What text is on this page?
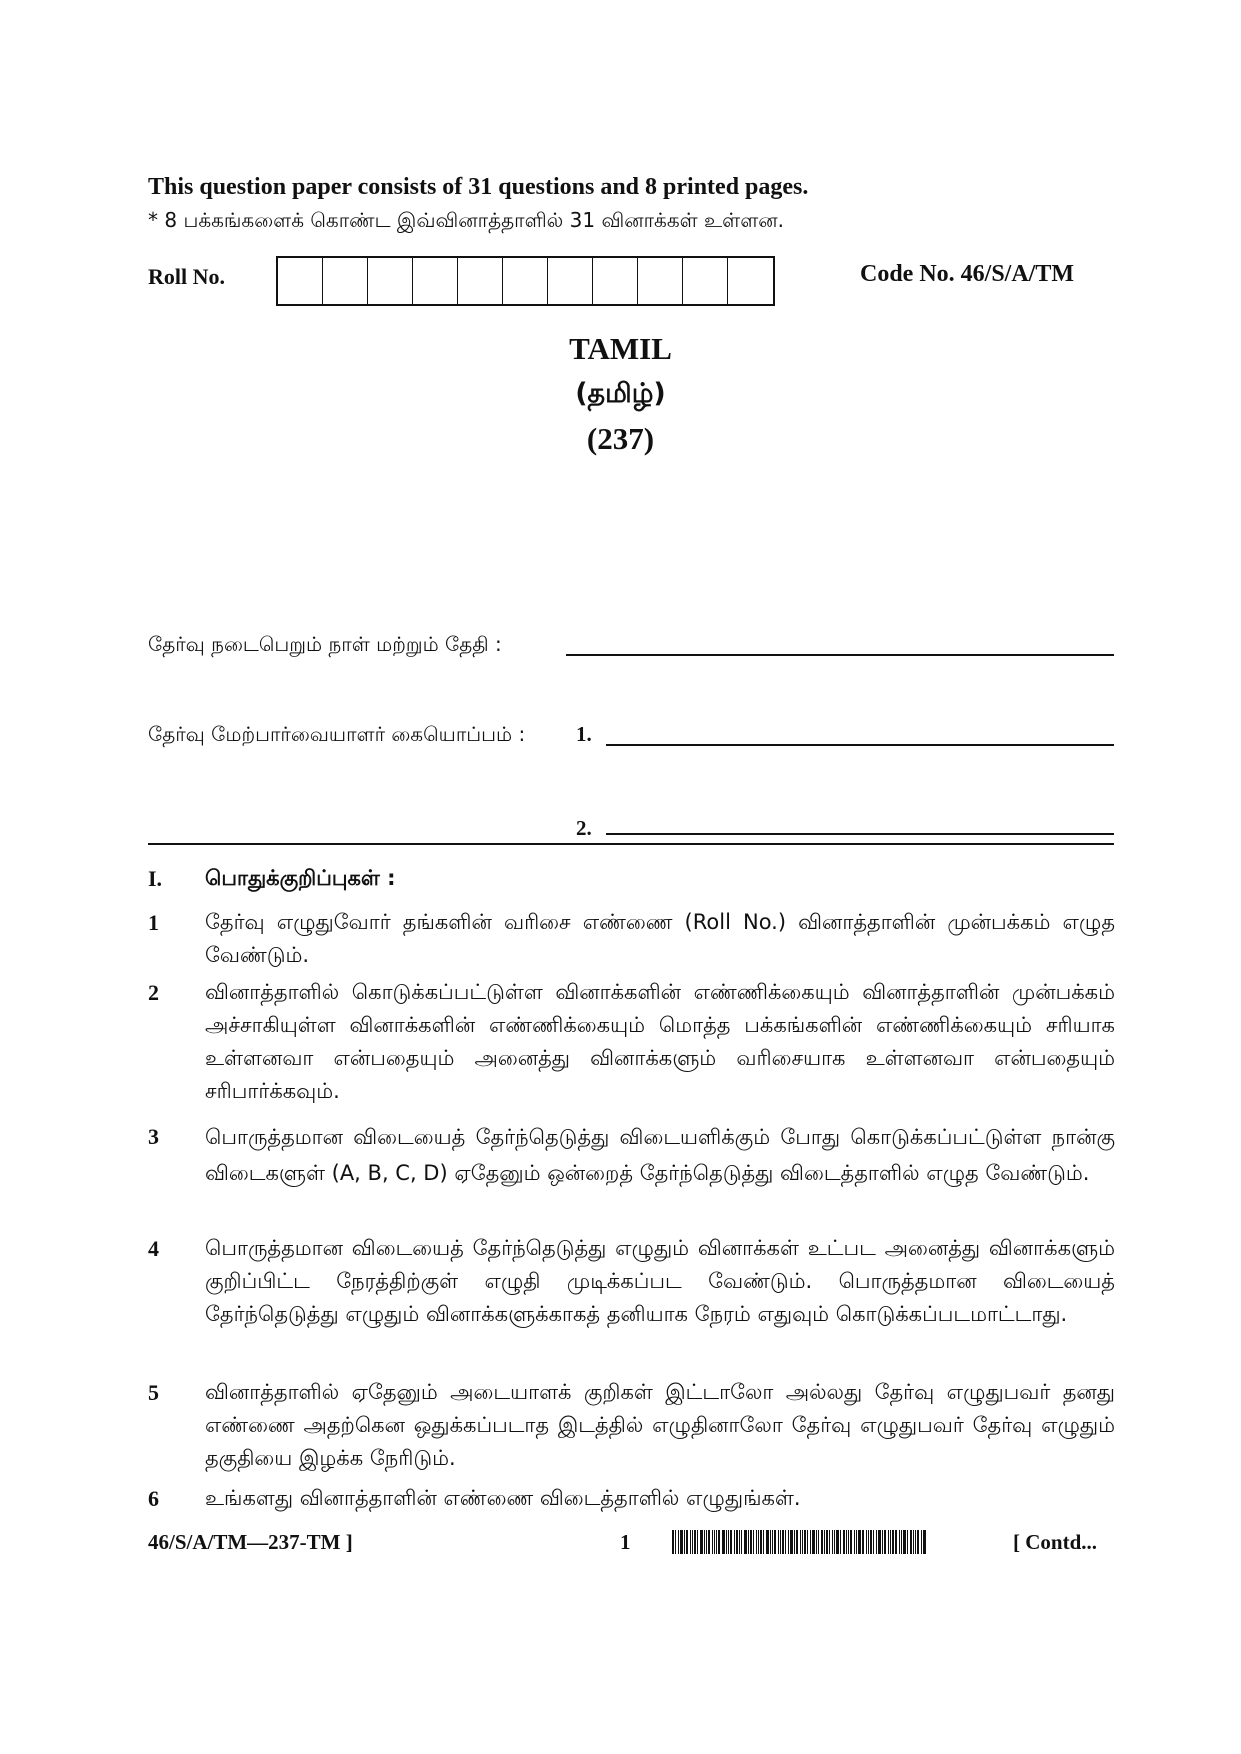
This question paper consists of 31 questions and 8 printed pages.
* 8 பக்கங்களைக் கொண்ட இவ்வினாத்தாளில் 31 வினாக்கள் உள்ளன.
Roll No.	Code No. 46/S/A/TM
TAMIL
(தமிழ்)
(237)
தேர்வு நடைபெறும் நாள் மற்றும் தேதி :
தேர்வு மேற்பார்வையாளர் கையொப்பம் : 1.
2.
I. பொதுக்குறிப்புகள் :
1 தேர்வு எழுதுவோர் தங்களின் வரிசை எண்ணை (Roll No.) வினாத்தாளின் முன்பக்கம் எழுத வேண்டும்.
2 வினாத்தாளில் கொடுக்கப்பட்டுள்ள வினாக்களின் எண்ணிக்கையும் வினாத்தாளின் முன்பக்கம் அச்சாகியுள்ள வினாக்களின் எண்ணிக்கையும் மொத்த பக்கங்களின் எண்ணிக்கையும் சரியாக உள்ளனவா என்பதையும் அனைத்து வினாக்களும் வரிசையாக உள்ளனவா என்பதையும் சரிபார்க்கவும்.
3 பொருத்தமான விடையைத் தேர்ந்தெடுத்து விடையளிக்கும் போது கொடுக்கப்பட்டுள்ள நான்கு விடைகளுள் (A, B, C, D) ஏதேனும் ஒன்றைத் தேர்ந்தெடுத்து விடைத்தாளில் எழுத வேண்டும்.
4 பொருத்தமான விடையைத் தேர்ந்தெடுத்து எழுதும் வினாக்கள் உட்பட அனைத்து வினாக்களும் குறிப்பிட்ட நேரத்திற்குள் எழுதி முடிக்கப்பட வேண்டும். பொருத்தமான விடையைத் தேர்ந்தெடுத்து எழுதும் வினாக்களுக்காகத் தனியாக நேரம் எதுவும் கொடுக்கப்படமாட்டாது.
5 வினாத்தாளில் ஏதேனும் அடையாளக் குறிகள் இட்டாலோ அல்லது தேர்வு எழுதுபவர் தனது எண்ணை அதற்கென ஒதுக்கப்படாத இடத்தில் எழுதினாலோ தேர்வு எழுதுபவர் தேர்வு எழுதும் தகுதியை இழக்க நேரிடும்.
6 உங்களது வினாத்தாளின் எண்ணை விடைத்தாளில் எழுதுங்கள்.
46/S/A/TM—237-TM ]	1	[ Contd...
